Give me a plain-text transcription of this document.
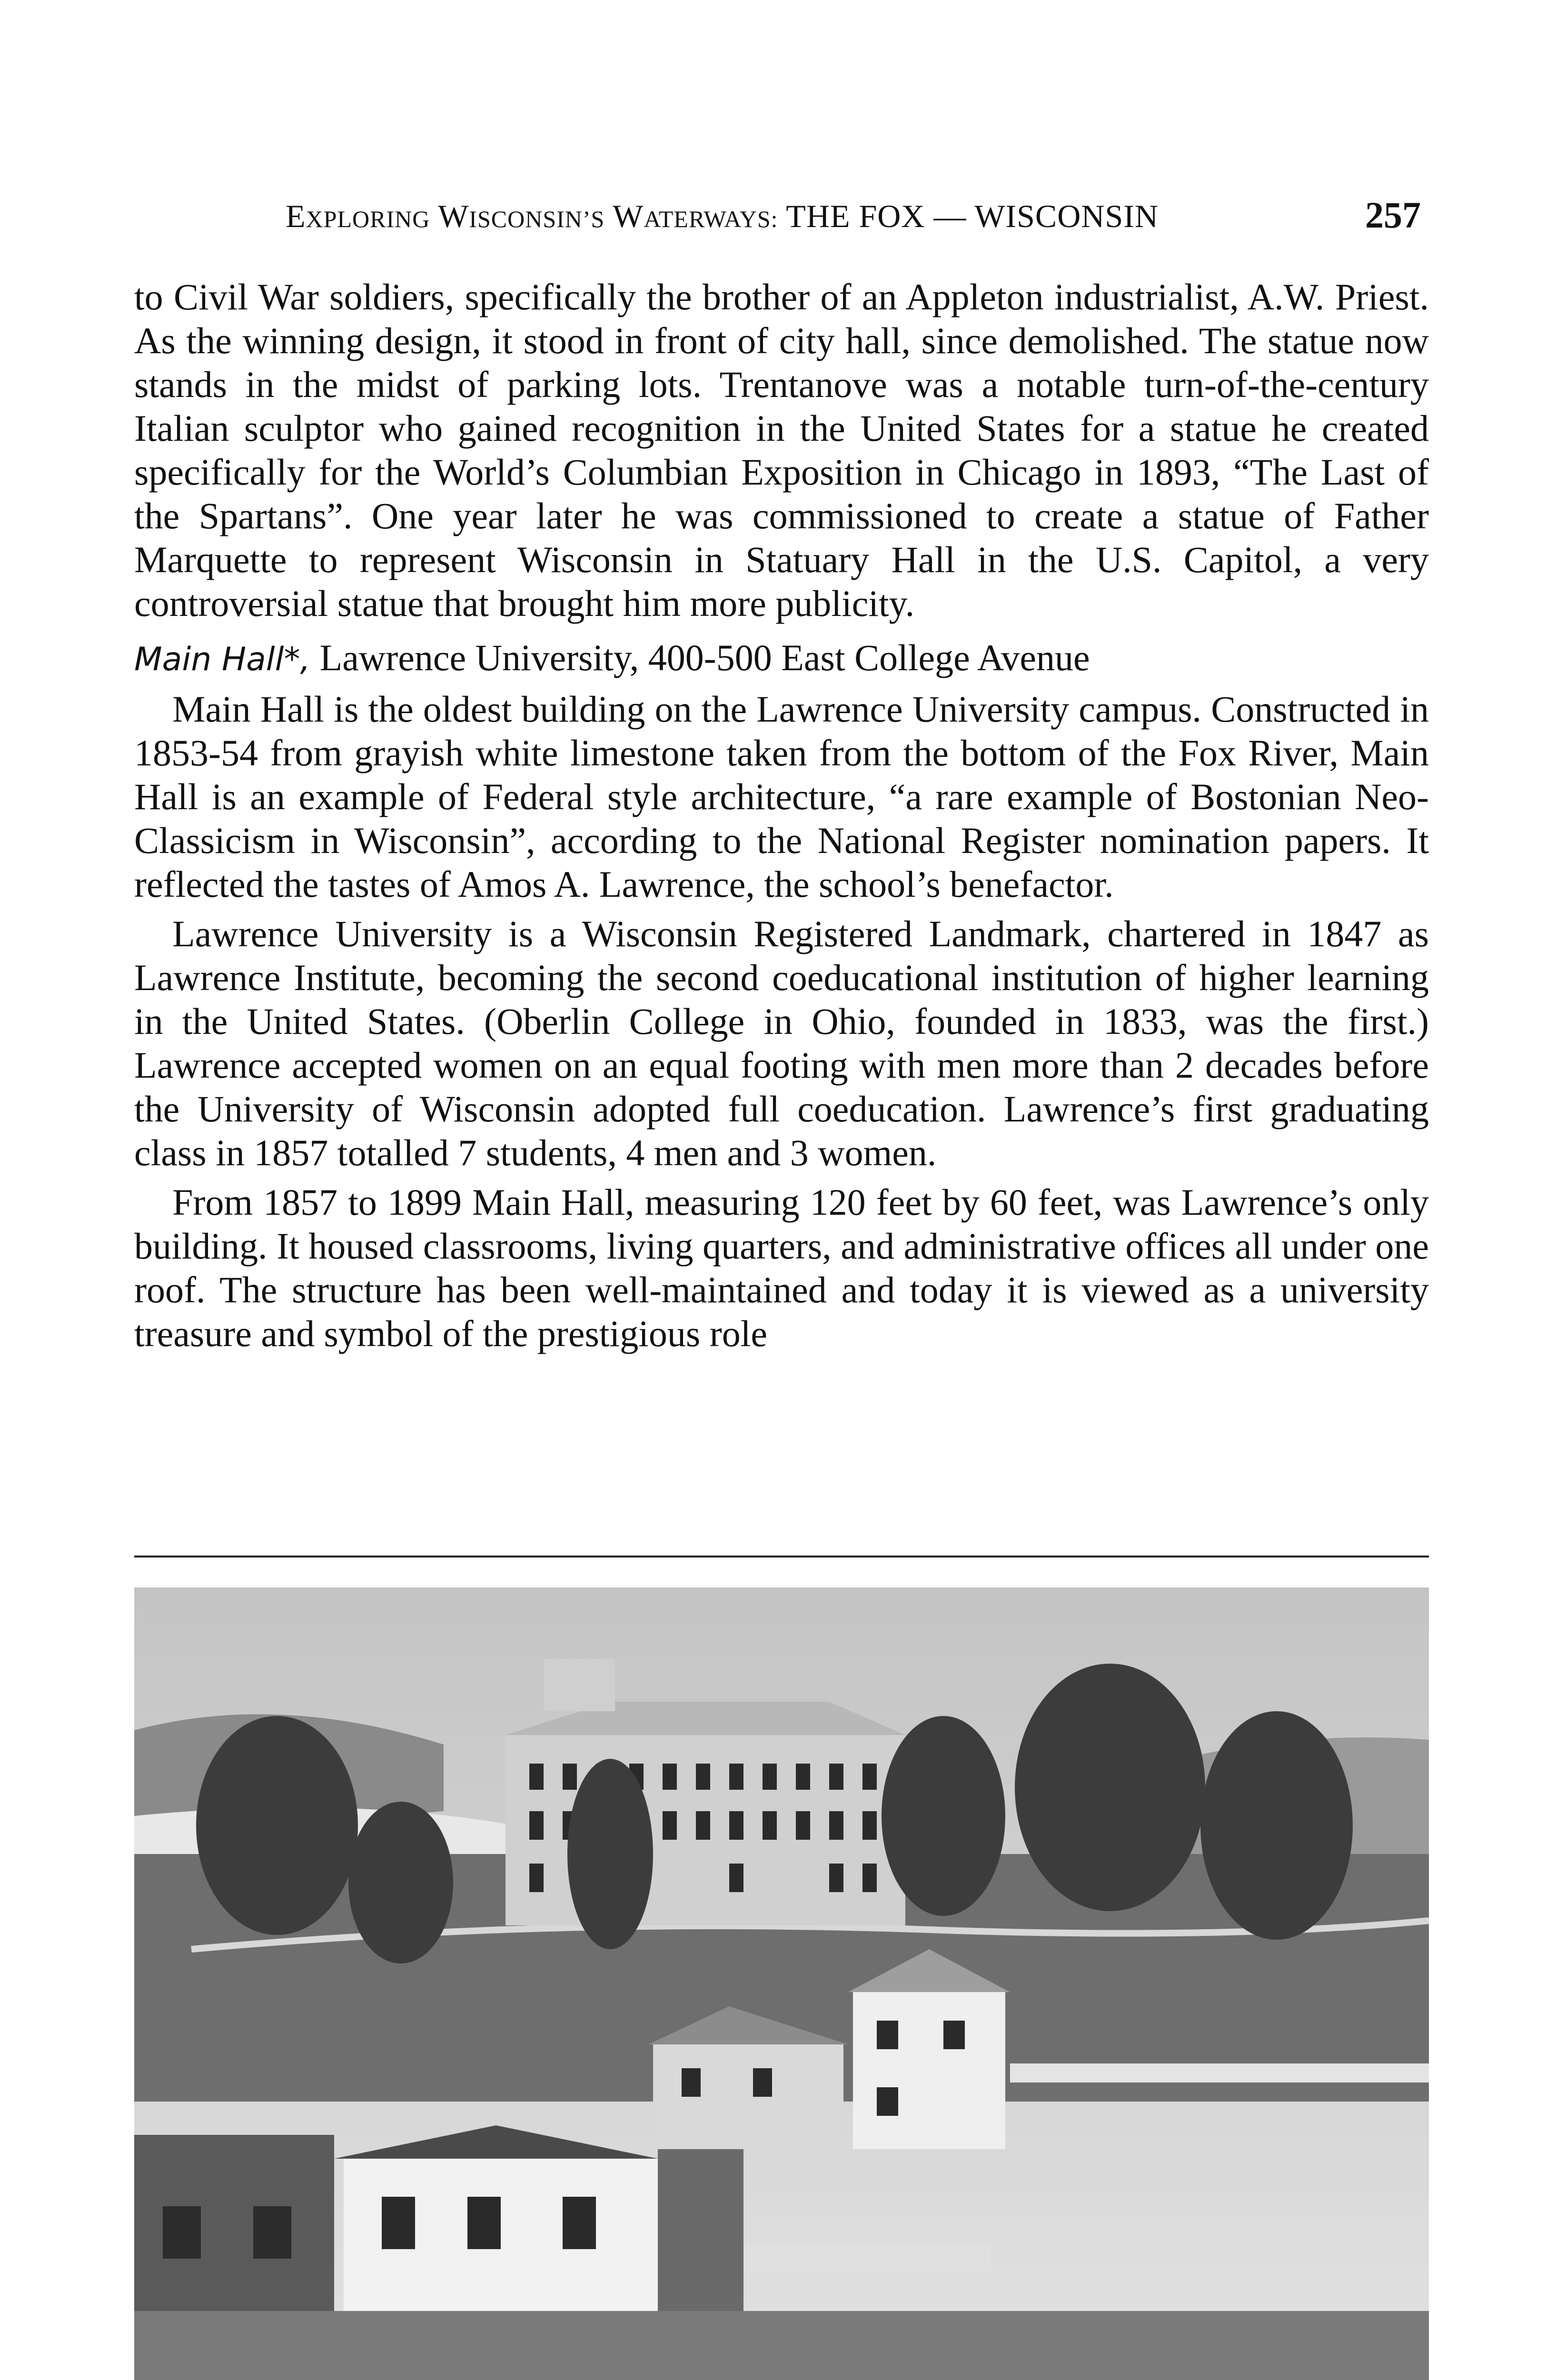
EXPLORING WISCONSIN’S WATERWAYS: THE FOX — WISCONSIN	257

to Civil War soldiers, specifically the brother of an Appleton industrialist, A.W. Priest. As the winning design, it stood in front of city hall, since demolished. The statue now stands in the midst of parking lots. Trentanove was a notable turn-of-the-century Italian sculptor who gained recognition in the United States for a statue he created specifically for the World’s Columbian Exposition in Chicago in 1893, “The Last of the Spartans”. One year later he was commissioned to create a statue of Father Marquette to represent Wisconsin in Statuary Hall in the U.S. Capitol, a very controversial statue that brought him more publicity.

Main Hall*, Lawrence University, 400-500 East College Avenue

Main Hall is the oldest building on the Lawrence University campus. Constructed in 1853-54 from grayish white limestone taken from the bottom of the Fox River, Main Hall is an example of Federal style architecture, “a rare example of Bostonian Neo-Classicism in Wisconsin”, according to the National Register nomination papers. It reflected the tastes of Amos A. Lawrence, the school’s benefactor.

Lawrence University is a Wisconsin Registered Landmark, chartered in 1847 as Lawrence Institute, becoming the second coeducational institution of higher learning in the United States. (Oberlin College in Ohio, founded in 1833, was the first.) Lawrence accepted women on an equal footing with men more than 2 decades before the University of Wisconsin adopted full coeducation. Lawrence’s first graduating class in 1857 totalled 7 students, 4 men and 3 women.

From 1857 to 1899 Main Hall, measuring 120 feet by 60 feet, was Lawrence’s only building. It housed classrooms, living quarters, and administrative offices all under one roof. The structure has been well-maintained and today it is viewed as a university treasure and symbol of the prestigious role
